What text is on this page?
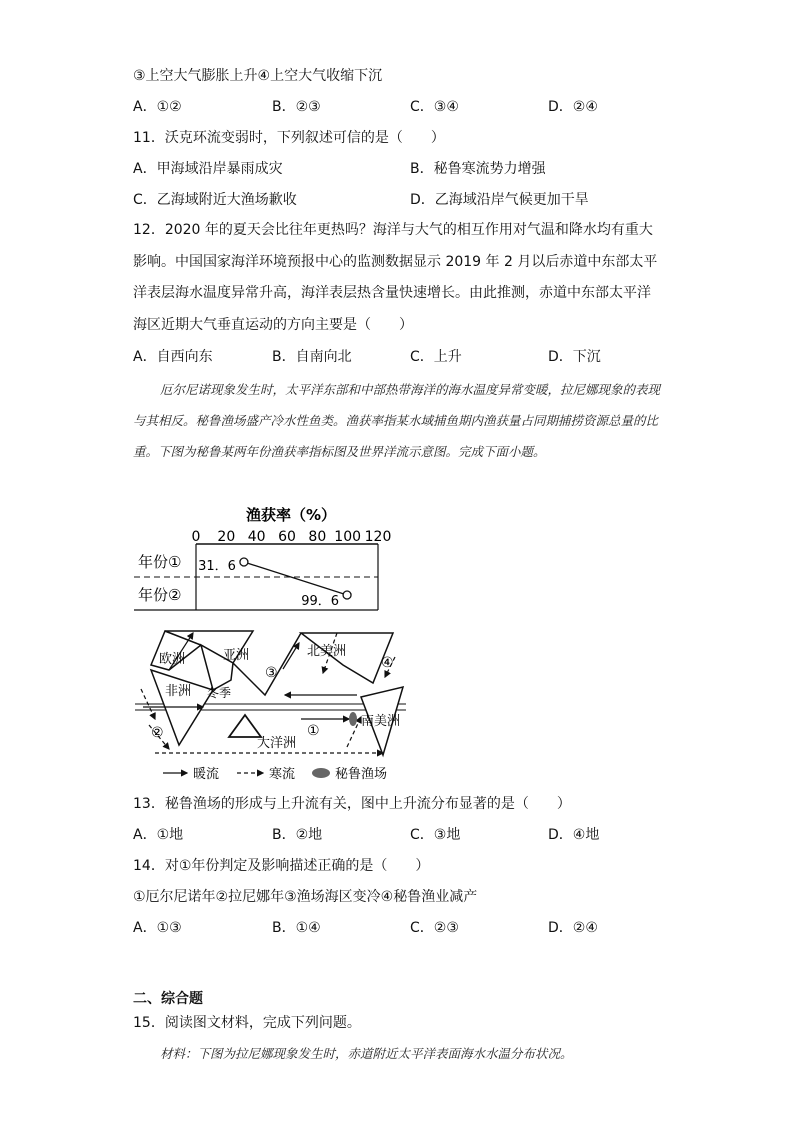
③上空大气膨胀上升④上空大气收缩下沉
A．①②	B．②③	C．③④	D．②④
11．沃克环流变弱时，下列叙述可信的是（　　）
A．甲海域沿岸暴雨成灾	B．秘鲁寒流势力增强
C．乙海域附近大渔场歉收	D．乙海域沿岸气候更加干旱
12．2020 年的夏天会比往年更热吗？海洋与大气的相互作用对气温和降水均有重大影响。中国国家海洋环境预报中心的监测数据显示 2019 年 2 月以后赤道中东部太平洋表层海水温度异常升高，海洋表层热含量快速增长。由此推测，赤道中东部太平洋海区近期大气垂直运动的方向主要是（　　）
A．自西向东	B．自南向北	C．上升	D．下沉
厄尔尼诺现象发生时，太平洋东部和中部热带海洋的海水温度异常变暖，拉尼娜现象的表现与其相反。秘鲁渔场盛产冷水性鱼类。渔获率指某水域捕鱼期内渔获量占同期捕捞资源总量的比重。下图为秘鲁某两年份渔获率指标图及世界洋流示意图。完成下面小题。
渔获率（%）
0 20 40 60 80 100 120
年份①
年份②
31．6
99．6
欧洲	亚洲	北美洲
非洲
南美洲
大洋洲
冬季
①
②
③
④
暖流	寒流	秘鲁渔场
13．秘鲁渔场的形成与上升流有关，图中上升流分布显著的是（　　）
A．①地	B．②地	C．③地	D．④地
14．对①年份判定及影响描述正确的是（　　）
①厄尔尼诺年②拉尼娜年③渔场海区变冷④秘鲁渔业减产
A．①③	B．①④	C．②③	D．②④
二、综合题
15．阅读图文材料，完成下列问题。
材料：下图为拉尼娜现象发生时，赤道附近太平洋表面海水水温分布状况。
